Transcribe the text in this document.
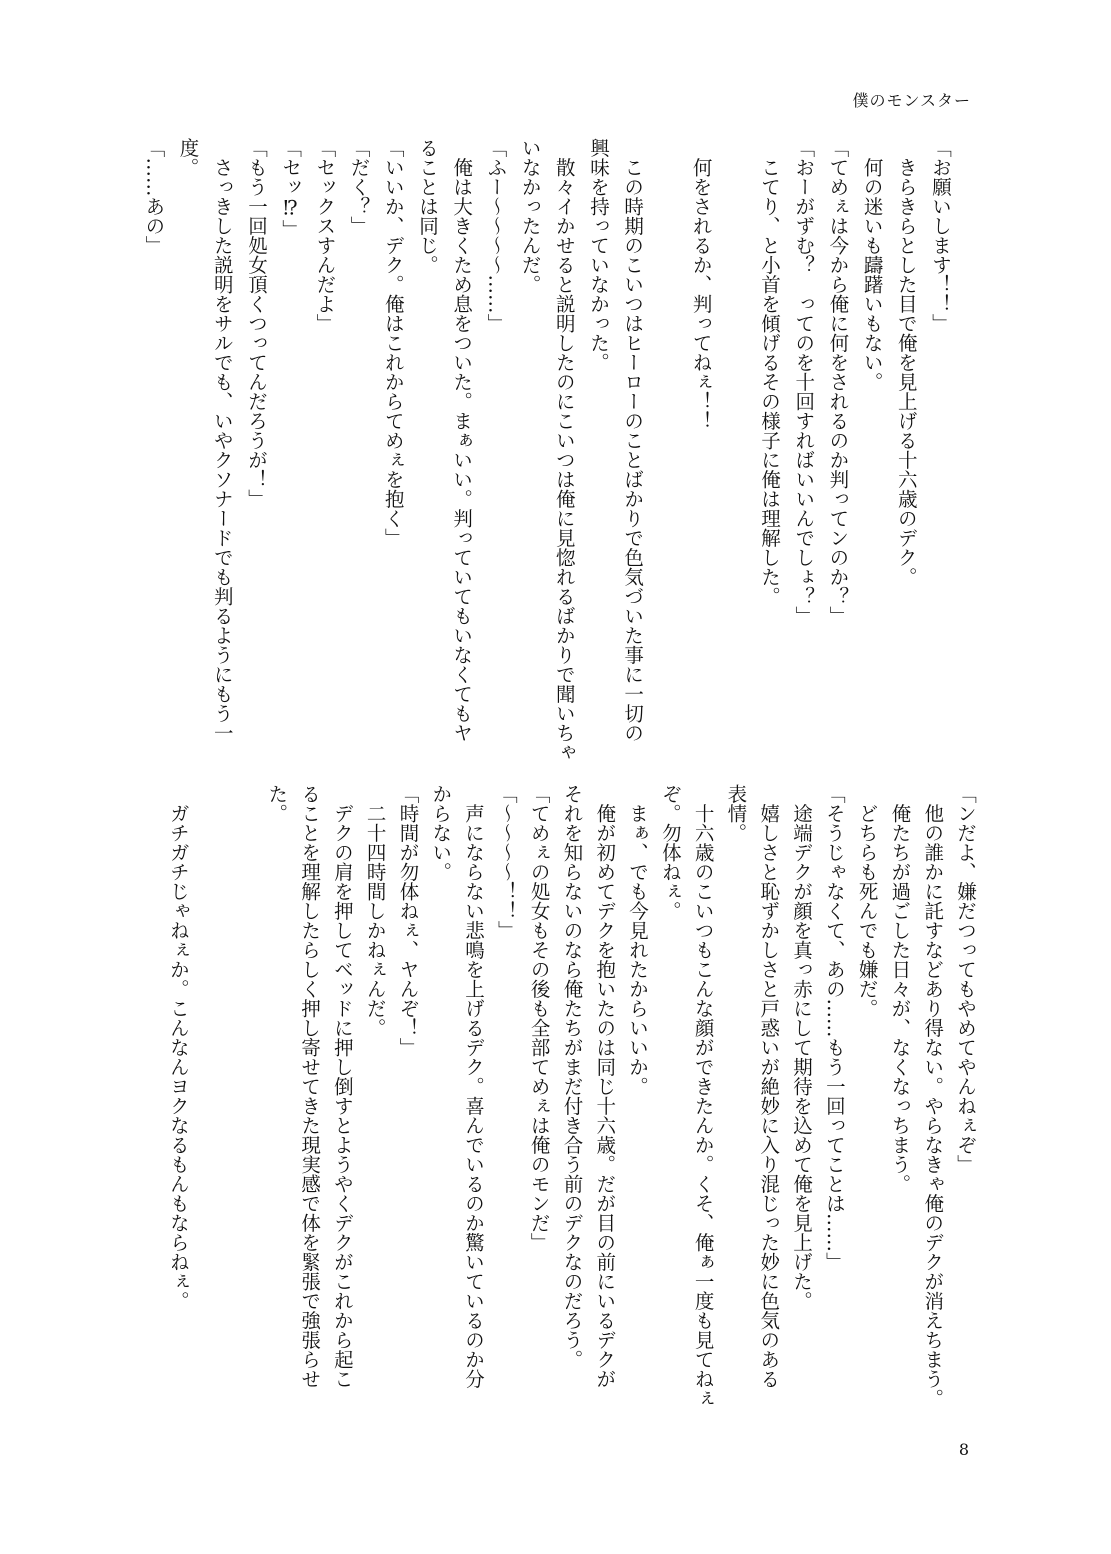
僕のモンスター
「お願いします！！」
　きらきらとした目で俺を見上げる十六歳のデク。
　何の迷いも躊躇いもない。
「てめぇは今から俺に何をされるのか判ってンのか？」
「おーがずむ？　ってのを十回すればいいんでしょ？」
　こてり、と小首を傾げるその様子に俺は理解した。

　何をされるか、判ってねぇ！！

　この時期のこいつはヒーローのことばかりで色気づいた事に一切の
興味を持っていなかった。
　散々イかせると説明したのにこいつは俺に見惚れるばかりで聞いちゃ
いなかったんだ。
「ふー〜〜〜〜……」
　俺は大きくため息をついた。まぁいい。判っていてもいなくてもヤ
ることは同じ。
「いいか、デク。俺はこれからてめぇを抱く」
「だく？」
「セックスすんだよ」
「セッ⁉」
「もう一回処女頂くつってんだろうが！」
　さっきした説明をサルでも、いやクソナードでも判るようにもう一
度。
「……あの」
「ンだよ、嫌だつってもやめてやんねぇぞ」
　他の誰かに託すなどあり得ない。やらなきゃ俺のデクが消えちまう。
　俺たちが過ごした日々が、なくなっちまう。
　どちらも死んでも嫌だ。
「そうじゃなくて、あの……もう一回ってことは……」
　途端デクが顔を真っ赤にして期待を込めて俺を見上げた。
　嬉しさと恥ずかしさと戸惑いが絶妙に入り混じった妙に色気のある
表情。
　十六歳のこいつもこんな顔ができたんか。くそ、俺ぁ一度も見てねぇ
ぞ。勿体ねぇ。
　まぁ、でも今見れたからいいか。
　俺が初めてデクを抱いたのは同じ十六歳。だが目の前にいるデクが
それを知らないのなら俺たちがまだ付き合う前のデクなのだろう。
「てめぇの処女もその後も全部てめぇは俺のモンだ」
「〜〜〜〜！！」
　声にならない悲鳴を上げるデク。喜んでいるのか驚いているのか分
からない。
「時間が勿体ねぇ、ヤんぞ！」
　二十四時間しかねぇんだ。
　デクの肩を押してベッドに押し倒すとようやくデクがこれから起こ
ることを理解したらしく押し寄せてきた現実感で体を緊張で強張らせ
た。

　ガチガチじゃねぇか。こんなんヨクなるもんもならねぇ。
8
